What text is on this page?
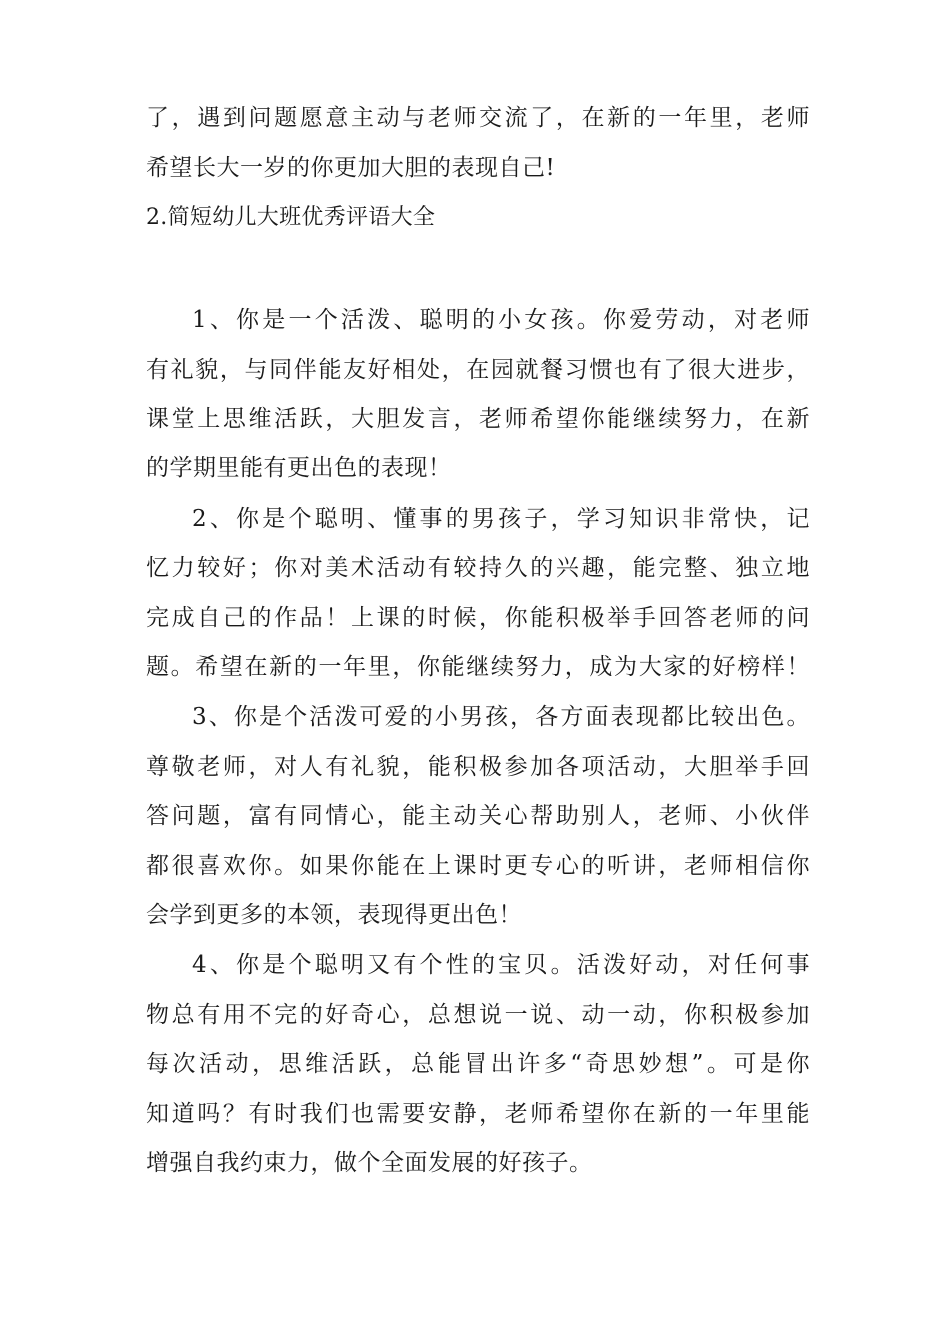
了，遇到问题愿意主动与老师交流了，在新的一年里，老师
希望长大一岁的你更加大胆的表现自己!
2.简短幼儿大班优秀评语大全
1、你是一个活泼、聪明的小女孩。你爱劳动，对老师
有礼貌，与同伴能友好相处，在园就餐习惯也有了很大进步，
课堂上思维活跃，大胆发言，老师希望你能继续努力，在新
的学期里能有更出色的表现！
2、你是个聪明、懂事的男孩子，学习知识非常快，记
忆力较好；你对美术活动有较持久的兴趣，能完整、独立地
完成自己的作品！上课的时候，你能积极举手回答老师的问
题。希望在新的一年里，你能继续努力，成为大家的好榜样！
3、你是个活泼可爱的小男孩，各方面表现都比较出色。
尊敬老师，对人有礼貌，能积极参加各项活动，大胆举手回
答问题，富有同情心，能主动关心帮助别人，老师、小伙伴
都很喜欢你。如果你能在上课时更专心的听讲，老师相信你
会学到更多的本领，表现得更出色！
4、你是个聪明又有个性的宝贝。活泼好动，对任何事
物总有用不完的好奇心，总想说一说、动一动，你积极参加
每次活动，思维活跃，总能冒出许多“奇思妙想”。可是你
知道吗？有时我们也需要安静，老师希望你在新的一年里能
增强自我约束力，做个全面发展的好孩子。
